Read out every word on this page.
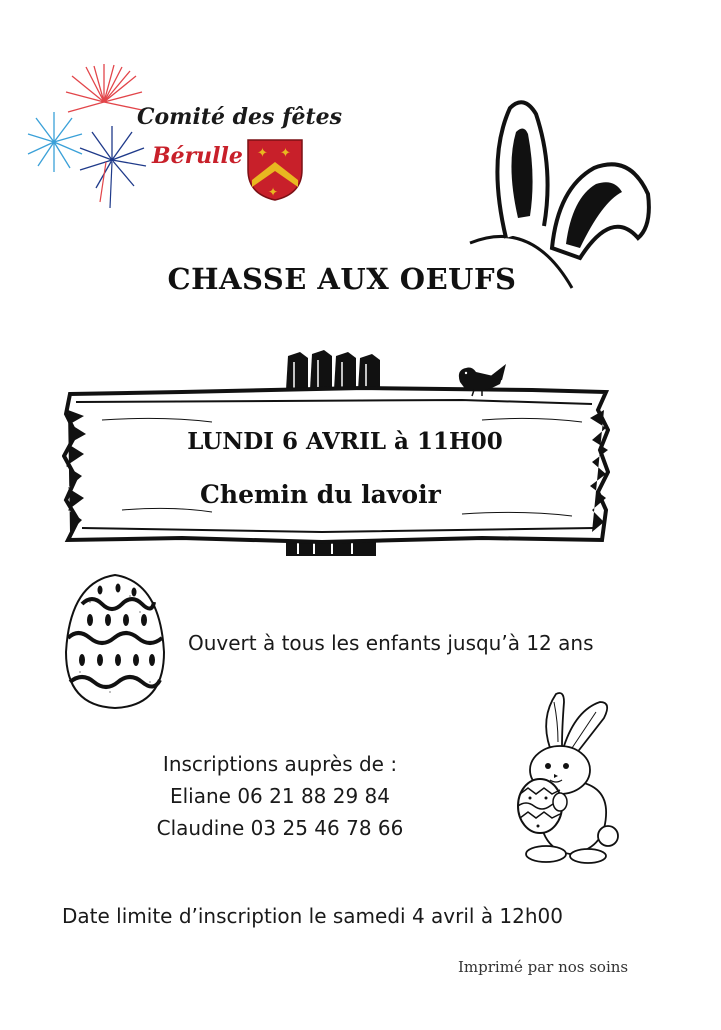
✦ ✦
✦
Comité des fêtes
Bérulle
CHASSE AUX OEUFS
LUNDI 6 AVRIL à 11H00
Chemin du lavoir
Ouvert à tous les enfants jusqu’à 12 ans
Inscriptions auprès de :
Eliane 06 21 88 29 84
Claudine 03 25 46 78 66
Date limite d’inscription le samedi 4 avril à 12h00
Imprimé par nos soins
